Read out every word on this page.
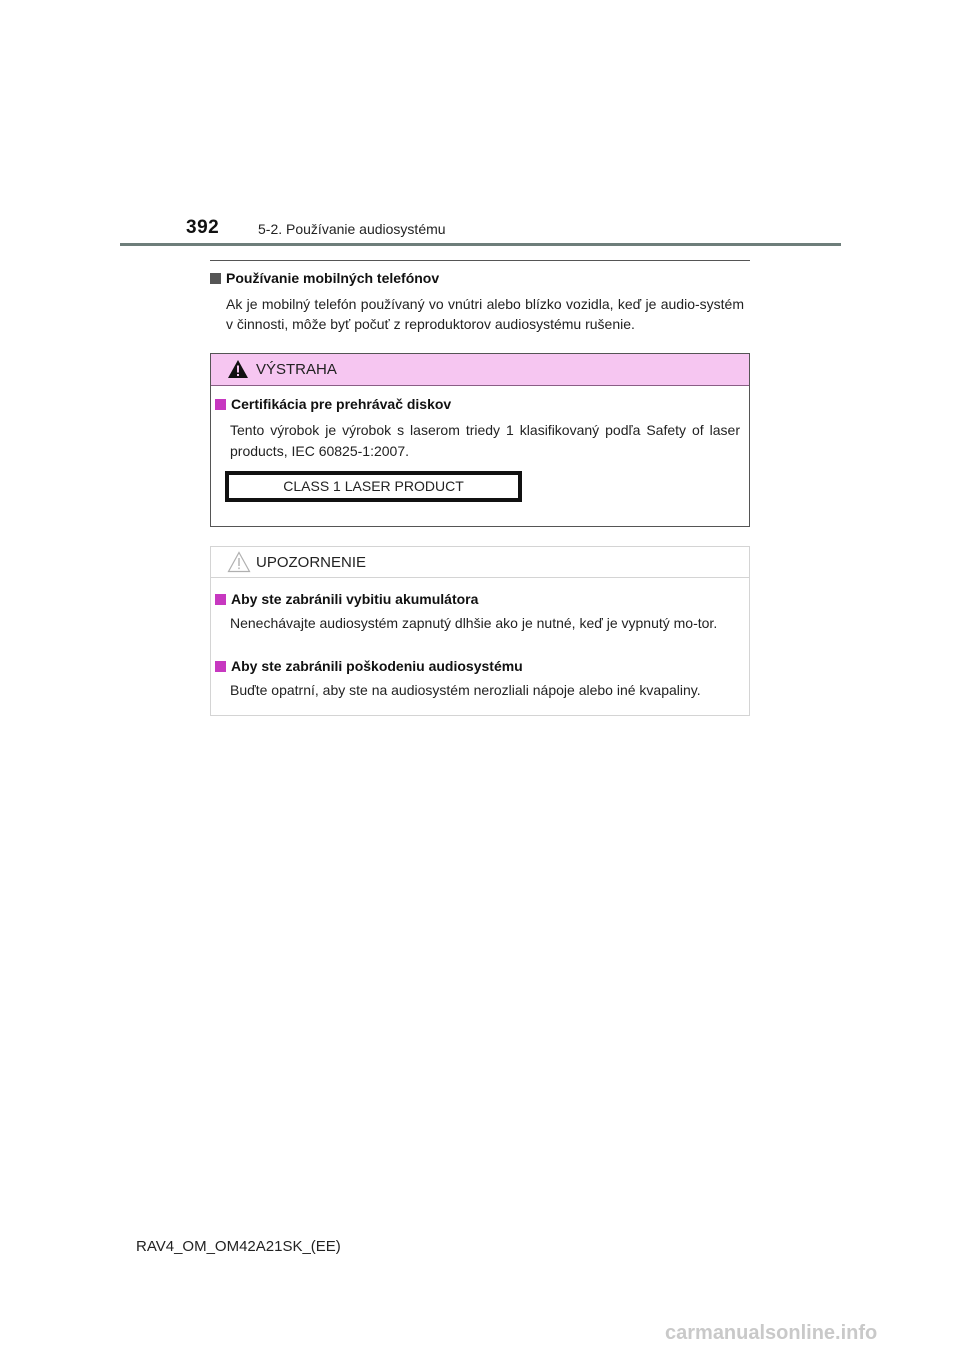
392	5-2. Používanie audiosystému
Používanie mobilných telefónov
Ak je mobilný telefón používaný vo vnútri alebo blízko vozidla, keď je audio-systém v činnosti, môže byť počuť z reproduktorov audiosystému rušenie.
VÝSTRAHA
Certifikácia pre prehrávač diskov
Tento výrobok je výrobok s laserom triedy 1 klasifikovaný podľa Safety of laser products, IEC 60825-1:2007.
CLASS 1 LASER PRODUCT
UPOZORNENIE
Aby ste zabránili vybitiu akumulátora
Nenechávajte audiosystém zapnutý dlhšie ako je nutné, keď je vypnutý mo-tor.
Aby ste zabránili poškodeniu audiosystému
Buďte opatrní, aby ste na audiosystém nerozliali nápoje alebo iné kvapaliny.
RAV4_OM_OM42A21SK_(EE)
carmanualsonline.info
